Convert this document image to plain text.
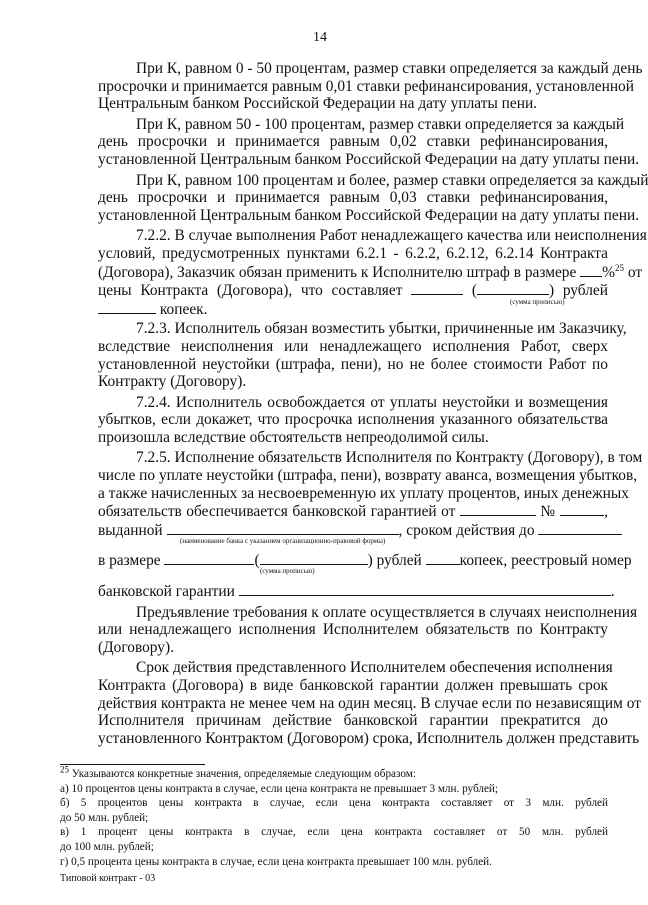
14
При К, равном 0 - 50 процентам, размер ставки определяется за каждый день
просрочки и принимается равным 0,01 ставки рефинансирования, установленной
Центральным банком Российской Федерации на дату уплаты пени.
При К, равном 50 - 100 процентам, размер ставки определяется за каждый
день просрочки и принимается равным 0,02 ставки рефинансирования,
установленной Центральным банком Российской Федерации на дату уплаты пени.
При К, равном 100 процентам и более, размер ставки определяется за каждый
день просрочки и принимается равным 0,03 ставки рефинансирования,
установленной Центральным банком Российской Федерации на дату уплаты пени.
7.2.2. В случае выполнения Работ ненадлежащего качества или неисполнения
условий, предусмотренных пунктами 6.2.1 - 6.2.2, 6.2.12, 6.2.14 Контракта
(Договора), Заказчик обязан применить к Исполнителю штраф в размере %$^{25}$ от
цены Контракта (Договора), что составляет	(	) рублей
копеек.	(сумма прописью)
7.2.3. Исполнитель обязан возместить убытки, причиненные им Заказчику,
вследствие неисполнения или ненадлежащего исполнения Работ, сверх
установленной неустойки (штрафа, пени), но не более стоимости Работ по
Контракту (Договору).
7.2.4. Исполнитель освобождается от уплаты неустойки и возмещения
убытков, если докажет, что просрочка исполнения указанного обязательства
произошла вследствие обстоятельств непреодолимой силы.
7.2.5. Исполнение обязательств Исполнителя по Контракту (Договору), в том
числе по уплате неустойки (штрафа, пени), возврату аванса, возмещения убытков,
а также начисленных за несвоевременную их уплату процентов, иных денежных
обязательств обеспечивается банковской гарантией от	№	,
выданной	, сроком действия до
(наименование банка с указанием организационно-правовой формы)
в размере	(	) рублей копеек, реестровый номер
(сумма прописью)
банковской гарантии	.
Предъявление требования к оплате осуществляется в случаях неисполнения
или ненадлежащего исполнения Исполнителем обязательств по Контракту
(Договору).
Срок действия представленного Исполнителем обеспечения исполнения
Контракта (Договора) в виде банковской гарантии должен превышать срок
действия контракта не менее чем на один месяц. В случае если по независящим от
Исполнителя причинам действие банковской гарантии прекратится до
установленного Контрактом (Договором) срока, Исполнитель должен представить
$^{25}$ Указываются конкретные значения, определяемые следующим образом:
а) 10 процентов цены контракта в случае, если цена контракта не превышает 3 млн. рублей;
б) 5 процентов цены контракта в случае, если цена контракта составляет от 3 млн. рублей
до 50 млн. рублей;
в) 1 процент цены контракта в случае, если цена контракта составляет от 50 млн. рублей
до 100 млн. рублей;
г) 0,5 процента цены контракта в случае, если цена контракта превышает 100 млн. рублей.
Типовой контракт - 03
